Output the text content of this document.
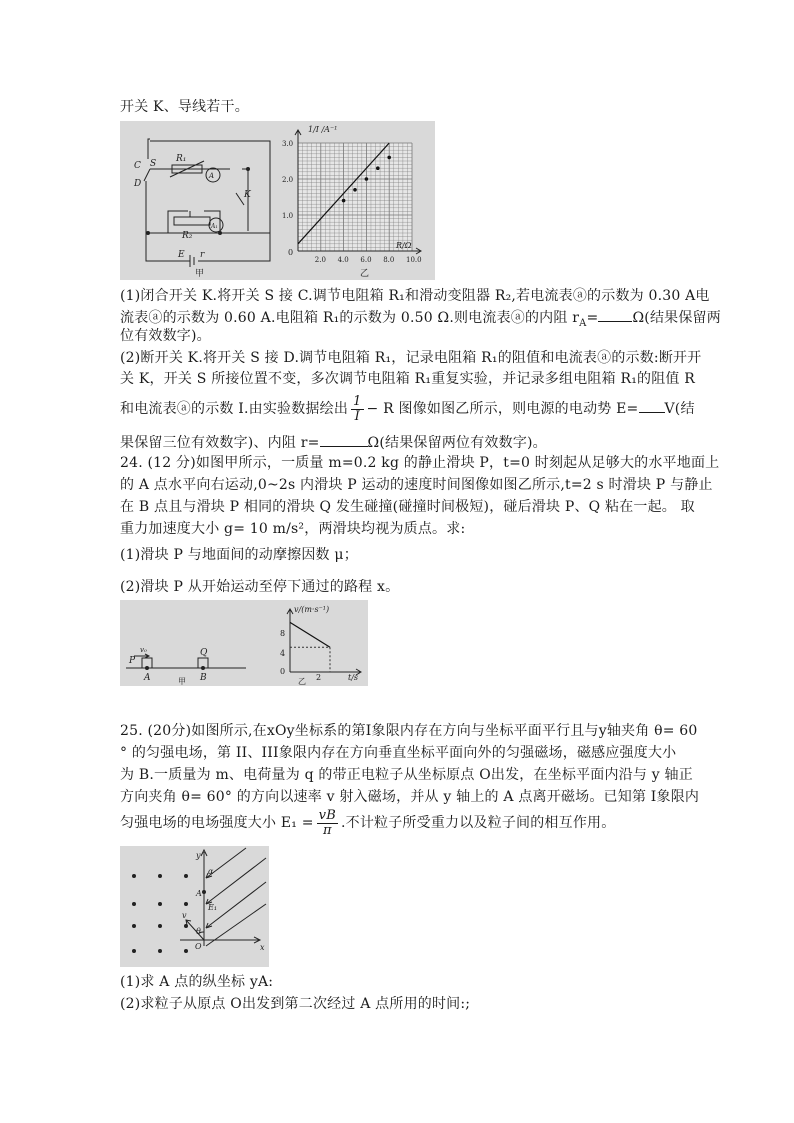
开关 K、导线若干。
C
D
S R₁
A
K
A₁
R₂
E r
甲
1.0
2.0
3.0
2.0 4.0 6.0 8.0 10.0
1/I /A⁻¹
R/Ω
0
乙
(1)闭合开关 K.将开关 S 接 C.调节电阻箱 R₁和滑动变阻器 R₂,若电流表ⓐ的示数为 0.30 A电
流表ⓐ的示数为 0.60 A.电阻箱 R₁的示数为 0.50 Ω.则电流表ⓐ的内阻 $r_A= \Omega$(结果保留两
位有效数字)。
(2)断开关 K.将开关 S 接 D.调节电阻箱 R₁，记录电阻箱 R₁的阻值和电流表ⓐ的示数:断开开
关 K，开关 S 所接位置不变，多次调节电阻箱 R₁重复实验，并记录多组电阻箱 R₁的阻值 R
和电流表ⓐ的示数 I.由实验数据绘出 $\frac{1}{I} - R$ 图像如图乙所示，则电源的电动势 E= V(结
果保留三位有效数字)、内阻 r=	Ω(结果保留两位有效数字)。
24. (12 分)如图甲所示，一质量 m=0.2 kg 的静止滑块 P，t=0 时刻起从足够大的水平地面上
的 A 点水平向右运动,0~2s 内滑块 P 运动的速度时间图像如图乙所示,t=2 s 时滑块 P 与静止
在 B 点且与滑块 P 相同的滑块 Q 发生碰撞(碰撞时间极短)，碰后滑块 P、Q 粘在一起。 取
重力加速度大小 g= 10 m/s²，两滑块均视为质点。求:
(1)滑块 P 与地面间的动摩擦因数 μ；
(2)滑块 P 从开始运动至停下通过的路程 x。
v₀
P
Q
A	B
甲
v/(m·s⁻¹)
t/s
8
4
2
0
乙
25. (20分)如图所示,在xOy坐标系的第I象限内存在方向与坐标平面平行且与y轴夹角 θ= 60
° 的匀强电场，第 II、III象限内存在方向垂直坐标平面向外的匀强磁场，磁感应强度大小
为 B.一质量为 m、电荷量为 q 的带正电粒子从坐标原点 O出发，在坐标平面内沿与 y 轴正
方向夹角 θ= 60° 的方向以速率 v 射入磁场，并从 y 轴上的 A 点离开磁场。已知第 I象限内
匀强电场的电场强度大小 $E_1 = \frac{vB}{\pi}$ .不计粒子所受重力以及粒子间的相互作用。
y
x
α
A
E₁
v
θ
O
(1)求 A 点的纵坐标 yA:
(2)求粒子从原点 O出发到第二次经过 A 点所用的时间:;
